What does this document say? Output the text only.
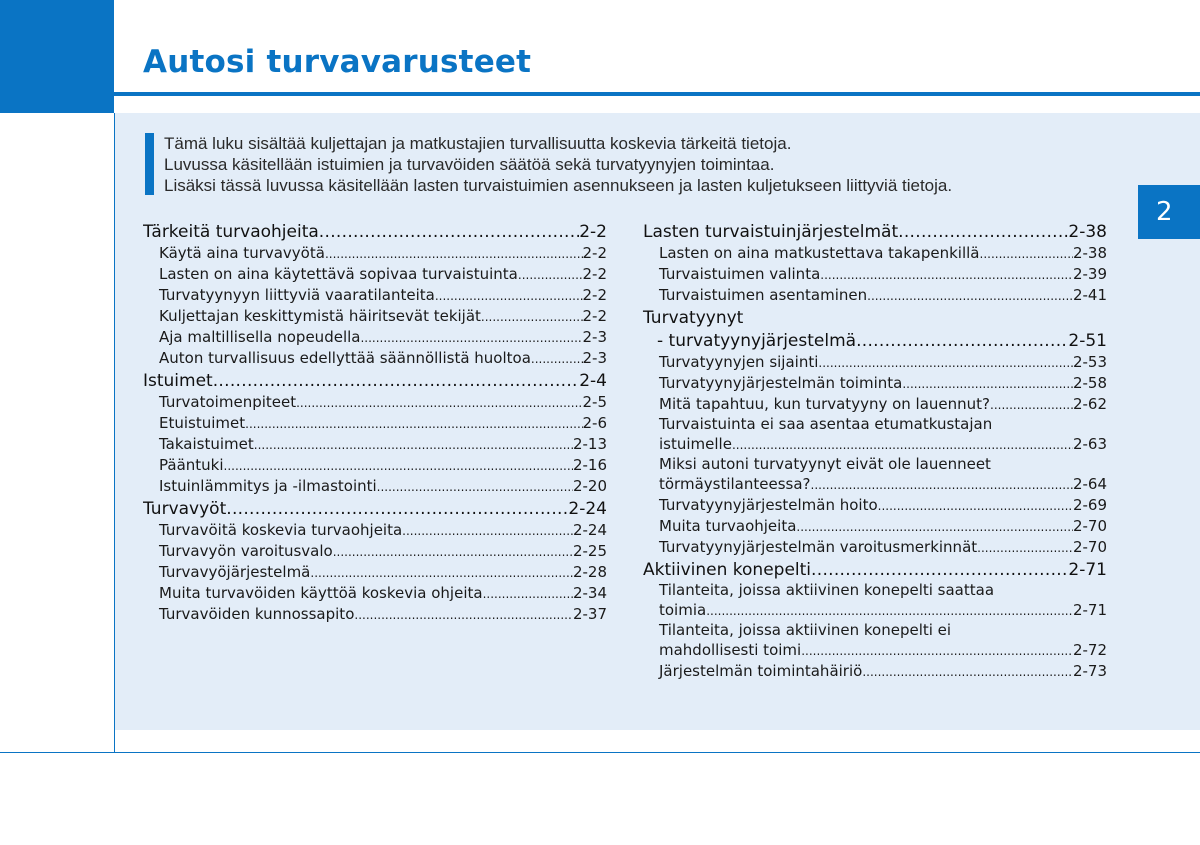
Autosi turvavarusteet
2

Tämä luku sisältää kuljettajan ja matkustajien turvallisuutta koskevia tärkeitä tietoja.

Luvussa käsitellään istuimien ja turvavöiden säätöä sekä turvatyynyjen toimintaa.

Lisäksi tässä luvussa käsitellään lasten turvaistuimien asennukseen ja lasten kuljetukseen liittyviä tietoja.

Tärkeitä turvaohjeita .....	2-2
Käytä aina turvavyötä .....	2-2
Lasten on aina käytettävä sopivaa turvaistuinta .....	2-2
Turvatyynyyn liittyviä vaaratilanteita .....	2-2
Kuljettajan keskittymistä häiritsevät tekijät .....	2-2
Aja maltillisella nopeudella .....	2-3
Auton turvallisuus edellyttää säännöllistä huoltoa .....	2-3
Istuimet .....	2-4
Turvatoimenpiteet .....	2-5
Etuistuimet .....	2-6
Takaistuimet .....	2-13
Pääntuki .....	2-16
Istuinlämmitys ja -ilmastointi .....	2-20
Turvavyöt .....	2-24
Turvavöitä koskevia turvaohjeita .....	2-24
Turvavyön varoitusvalo .....	2-25
Turvavyöjärjestelmä .....	2-28
Muita turvavöiden käyttöä koskevia ohjeita .....	2-34
Turvavöiden kunnossapito .....	2-37
Lasten turvaistuinjärjestelmät .....	2-38
Lasten on aina matkustettava takapenkillä .....	2-38
Turvaistuimen valinta .....	2-39
Turvaistuimen asentaminen .....	2-41
Turvatyynyt
- turvatyynyjärjestelmä .....	2-51
Turvatyynyjen sijainti .....	2-53
Turvatyynyjärjestelmän toiminta .....	2-58
Mitä tapahtuu, kun turvatyyny on lauennut? .....	2-62
Turvaistuinta ei saa asentaa etumatkustajan
istuimelle .....	2-63
Miksi autoni turvatyynyt eivät ole lauenneet
törmäystilanteessa? .....	2-64
Turvatyynyjärjestelmän hoito .....	2-69
Muita turvaohjeita .....	2-70
Turvatyynyjärjestelmän varoitusmerkinnät .....	2-70
Aktiivinen konepelti .....	2-71
Tilanteita, joissa aktiivinen konepelti saattaa
toimia .....	2-71
Tilanteita, joissa aktiivinen konepelti ei
mahdollisesti toimi .....	2-72
Järjestelmän toimintahäiriö .....	2-73
